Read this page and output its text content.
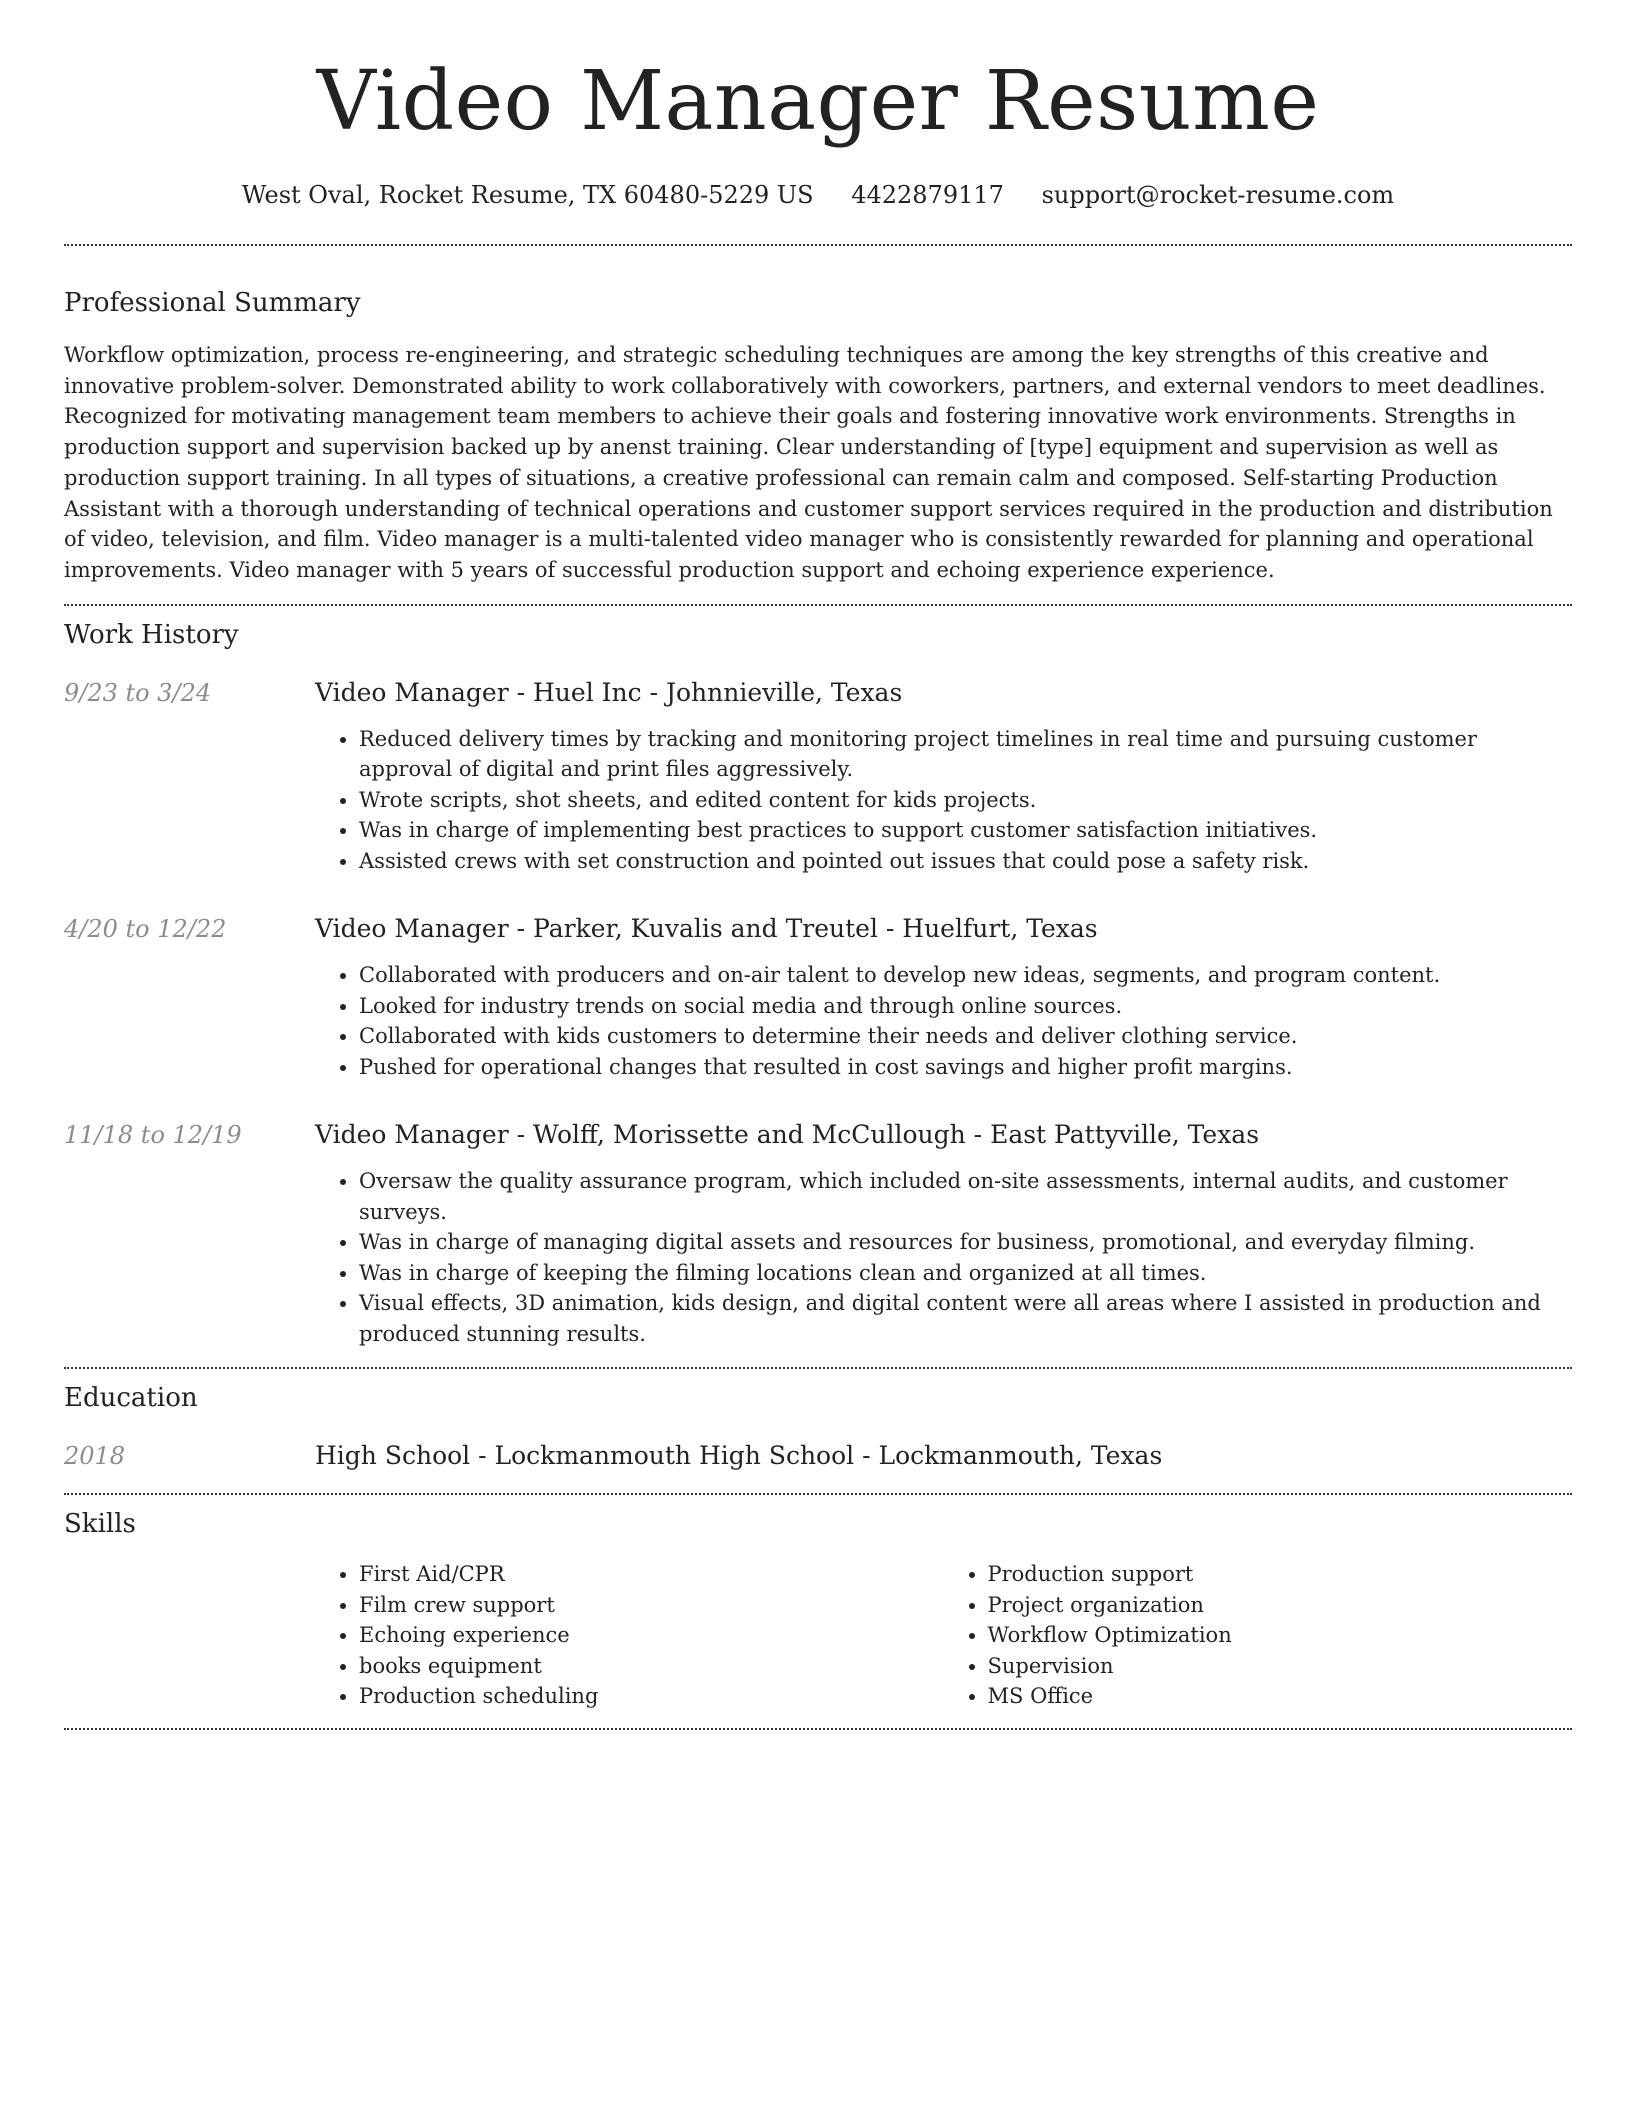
Video Manager Resume
West Oval, Rocket Resume, TX 60480-5229 US 4422879117 support@rocket-resume.com
Professional Summary

Workflow optimization, process re-engineering, and strategic scheduling techniques are among the key strengths of this creative and innovative problem-solver. Demonstrated ability to work collaboratively with coworkers, partners, and external vendors to meet deadlines. Recognized for motivating management team members to achieve their goals and fostering innovative work environments. Strengths in production support and supervision backed up by anenst training. Clear understanding of [type] equipment and supervision as well as production support training. In all types of situations, a creative professional can remain calm and composed. Self-starting Production Assistant with a thorough understanding of technical operations and customer support services required in the production and distribution of video, television, and film. Video manager is a multi-talented video manager who is consistently rewarded for planning and operational improvements. Video manager with 5 years of successful production support and echoing experience experience.

Work History
9/23 to 3/24	Video Manager - Huel Inc - Johnnieville, Texas
• Reduced delivery times by tracking and monitoring project timelines in real time and pursuing customer approval of digital and print files aggressively.
• Wrote scripts, shot sheets, and edited content for kids projects.
• Was in charge of implementing best practices to support customer satisfaction initiatives.
• Assisted crews with set construction and pointed out issues that could pose a safety risk.
4/20 to 12/22	Video Manager - Parker, Kuvalis and Treutel - Huelfurt, Texas
• Collaborated with producers and on-air talent to develop new ideas, segments, and program content.
• Looked for industry trends on social media and through online sources.
• Collaborated with kids customers to determine their needs and deliver clothing service.
• Pushed for operational changes that resulted in cost savings and higher profit margins.
11/18 to 12/19	Video Manager - Wolff, Morissette and McCullough - East Pattyville, Texas
• Oversaw the quality assurance program, which included on-site assessments, internal audits, and customer surveys.
• Was in charge of managing digital assets and resources for business, promotional, and everyday filming.
• Was in charge of keeping the filming locations clean and organized at all times.
• Visual effects, 3D animation, kids design, and digital content were all areas where I assisted in production and produced stunning results.
Education
2018	High School - Lockmanmouth High School - Lockmanmouth, Texas
Skills
• First Aid/CPR
• Film crew support
• Echoing experience
• books equipment
• Production scheduling
• Production support
• Project organization
• Workflow Optimization
• Supervision
• MS Office
